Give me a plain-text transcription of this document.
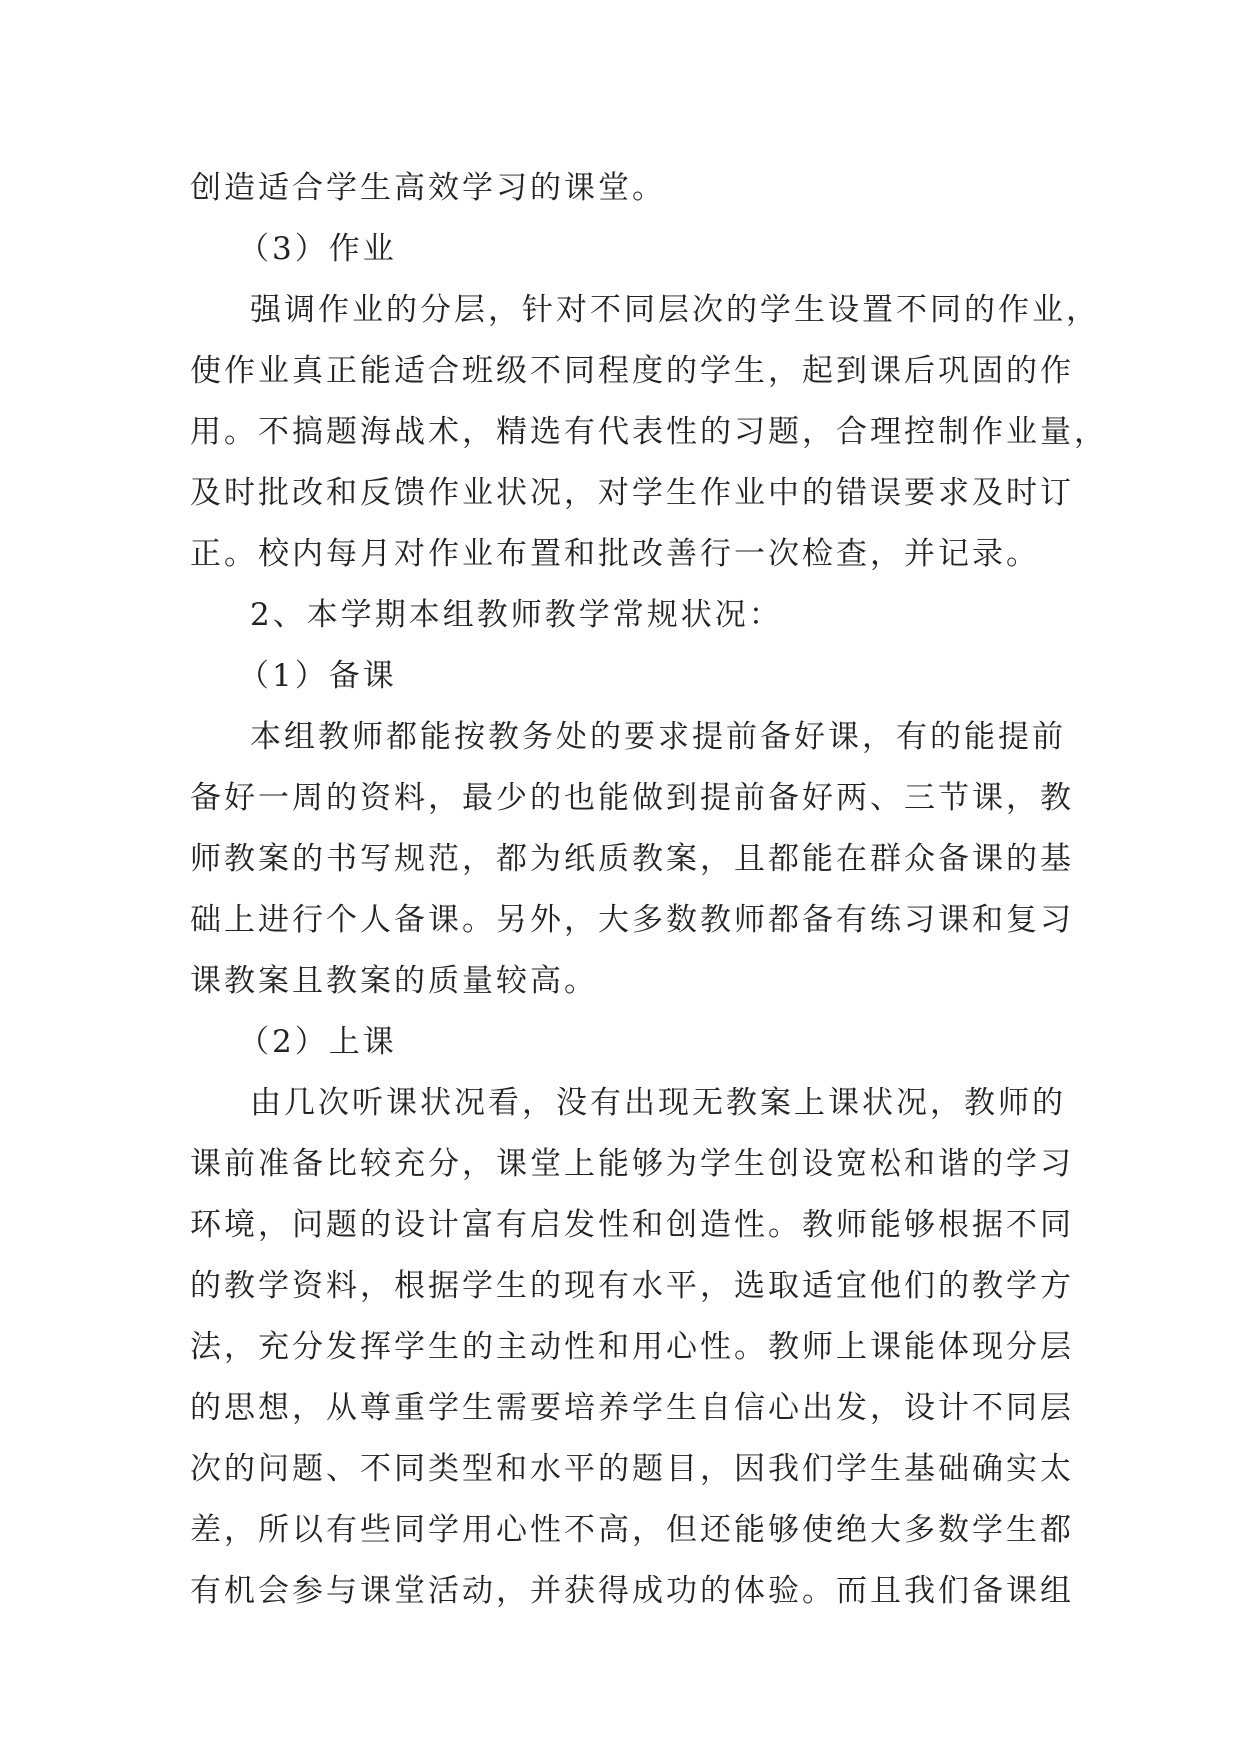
创造适合学生高效学习的课堂。
（3）作业
强调作业的分层，针对不同层次的学生设置不同的作业，
使作业真正能适合班级不同程度的学生，起到课后巩固的作
用。不搞题海战术，精选有代表性的习题，合理控制作业量，
及时批改和反馈作业状况，对学生作业中的错误要求及时订
正。校内每月对作业布置和批改善行一次检查，并记录。
2、本学期本组教师教学常规状况：
（1）备课
本组教师都能按教务处的要求提前备好课，有的能提前
备好一周的资料，最少的也能做到提前备好两、三节课，教
师教案的书写规范，都为纸质教案，且都能在群众备课的基
础上进行个人备课。另外，大多数教师都备有练习课和复习
课教案且教案的质量较高。
（2）上课
由几次听课状况看，没有出现无教案上课状况，教师的
课前准备比较充分，课堂上能够为学生创设宽松和谐的学习
环境，问题的设计富有启发性和创造性。教师能够根据不同
的教学资料，根据学生的现有水平，选取适宜他们的教学方
法，充分发挥学生的主动性和用心性。教师上课能体现分层
的思想，从尊重学生需要培养学生自信心出发，设计不同层
次的问题、不同类型和水平的题目，因我们学生基础确实太
差，所以有些同学用心性不高，但还能够使绝大多数学生都
有机会参与课堂活动，并获得成功的体验。而且我们备课组
